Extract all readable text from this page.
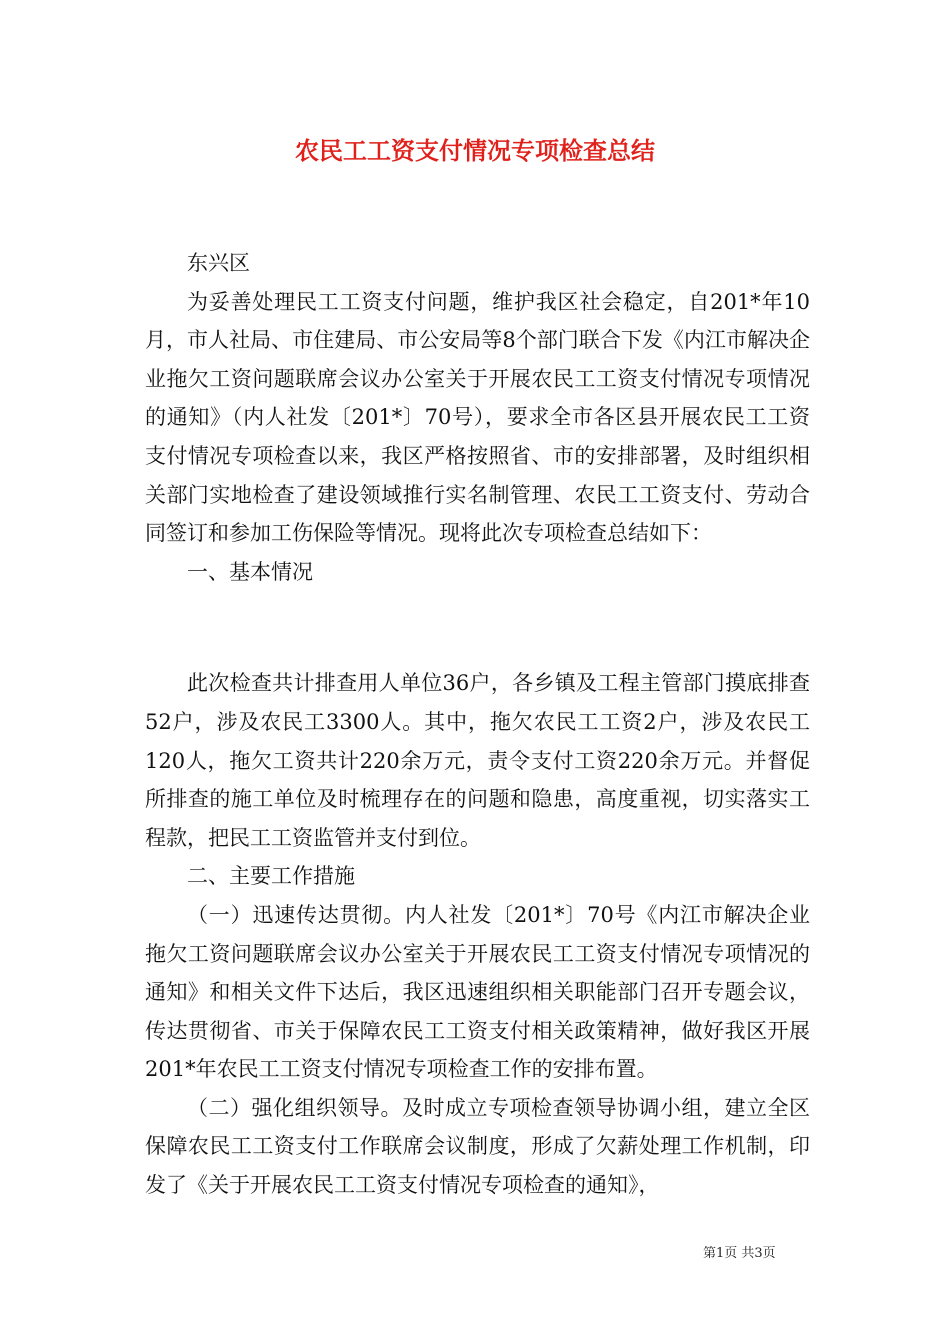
农民工工资支付情况专项检查总结

东兴区

为妥善处理民工工资支付问题，维护我区社会稳定，自201*年10月，市人社局、市住建局、市公安局等8个部门联合下发《内江市解决企业拖欠工资问题联席会议办公室关于开展农民工工资支付情况专项情况的通知》（内人社发〔201*〕70号），要求全市各区县开展农民工工资支付情况专项检查以来，我区严格按照省、市的安排部署，及时组织相关部门实地检查了建设领域推行实名制管理、农民工工资支付、劳动合同签订和参加工伤保险等情况。现将此次专项检查总结如下：

一、基本情况

此次检查共计排查用人单位36户，各乡镇及工程主管部门摸底排查52户，涉及农民工3300人。其中，拖欠农民工工资2户，涉及农民工120人，拖欠工资共计220余万元，责令支付工资220余万元。并督促所排查的施工单位及时梳理存在的问题和隐患，高度重视，切实落实工程款，把民工工资监管并支付到位。

二、主要工作措施

（一）迅速传达贯彻。内人社发〔201*〕70号《内江市解决企业拖欠工资问题联席会议办公室关于开展农民工工资支付情况专项情况的通知》和相关文件下达后，我区迅速组织相关职能部门召开专题会议，传达贯彻省、市关于保障农民工工资支付相关政策精神，做好我区开展201*年农民工工资支付情况专项检查工作的安排布置。

（二）强化组织领导。及时成立专项检查领导协调小组，建立全区保障农民工工资支付工作联席会议制度，形成了欠薪处理工作机制，印发了《关于开展农民工工资支付情况专项检查的通知》，

第1页 共3页
